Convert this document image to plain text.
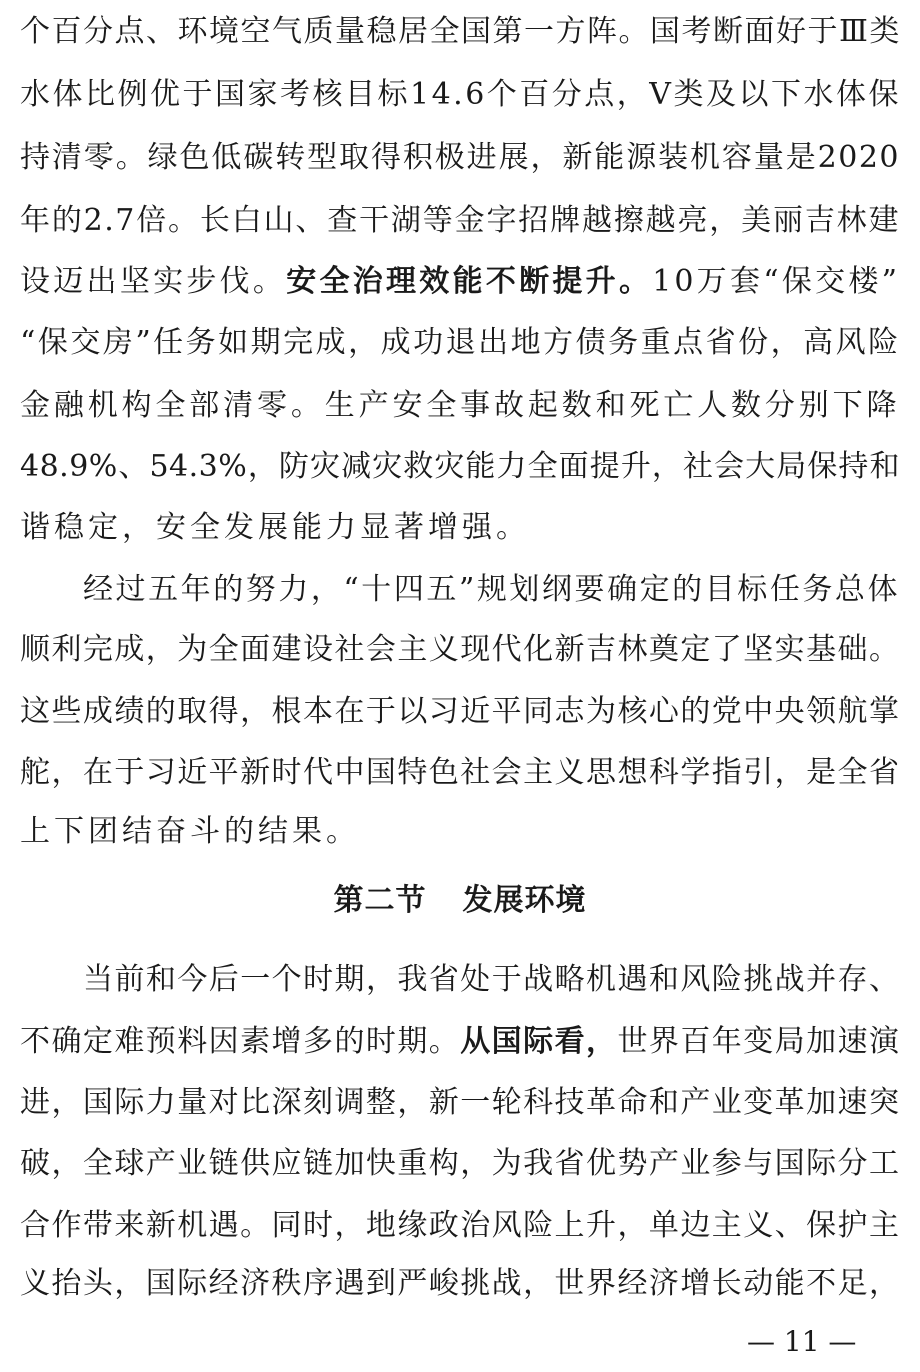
个百分点、环境空气质量稳居全国第一方阵。国考断面好于Ⅲ类
水体比例优于国家考核目标14.6个百分点，Ⅴ类及以下水体保
持清零。绿色低碳转型取得积极进展，新能源装机容量是2020
年的2.7倍。长白山、查干湖等金字招牌越擦越亮，美丽吉林建
设迈出坚实步伐。安全治理效能不断提升。10万套“保交楼”
“保交房”任务如期完成，成功退出地方债务重点省份，高风险
金融机构全部清零。生产安全事故起数和死亡人数分别下降
48.9%、54.3%，防灾减灾救灾能力全面提升，社会大局保持和
谐稳定，安全发展能力显著增强。
经过五年的努力，“十四五”规划纲要确定的目标任务总体
顺利完成，为全面建设社会主义现代化新吉林奠定了坚实基础。
这些成绩的取得，根本在于以习近平同志为核心的党中央领航掌
舵，在于习近平新时代中国特色社会主义思想科学指引，是全省
上下团结奋斗的结果。
第二节 发展环境
当前和今后一个时期，我省处于战略机遇和风险挑战并存、
不确定难预料因素增多的时期。从国际看，世界百年变局加速演
进，国际力量对比深刻调整，新一轮科技革命和产业变革加速突
破，全球产业链供应链加快重构，为我省优势产业参与国际分工
合作带来新机遇。同时，地缘政治风险上升，单边主义、保护主
义抬头，国际经济秩序遇到严峻挑战，世界经济增长动能不足，
— 11 —
